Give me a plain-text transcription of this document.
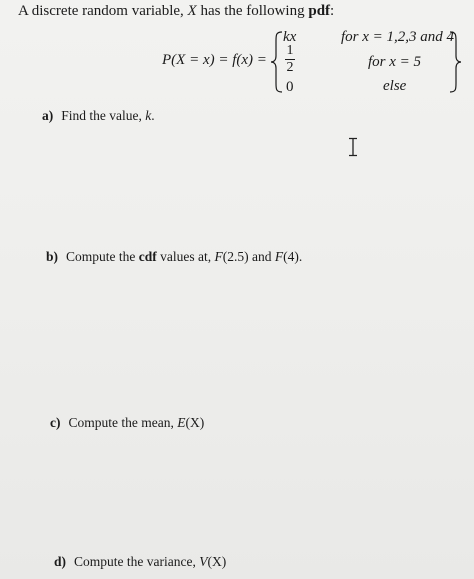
A discrete random variable, X has the following pdf:
P(X = x) = f(x) =
kx
1
2
0
for x = 1,2,3 and 4
for x = 5
else
a) Find the value, k.
b) Compute the cdf values at, F(2.5) and F(4).
c) Compute the mean, E(X)
d) Compute the variance, V(X)
